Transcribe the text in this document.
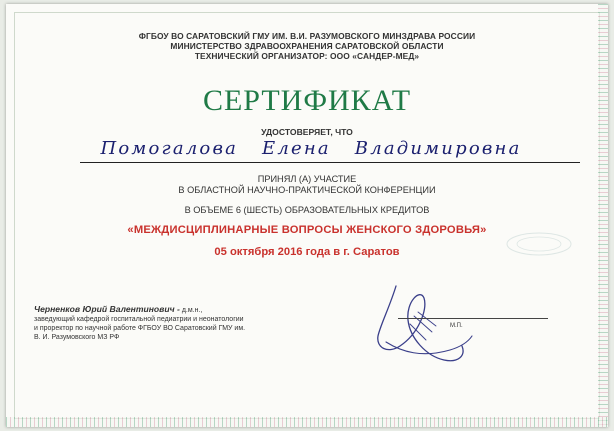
ФГБОУ ВО САРАТОВСКИЙ ГМУ ИМ. В.И. РАЗУМОВСКОГО МИНЗДРАВА РОССИИ
МИНИСТЕРСТВО ЗДРАВООХРАНЕНИЯ САРАТОВСКОЙ ОБЛАСТИ
ТЕХНИЧЕСКИЙ ОРГАНИЗАТОР: ООО «САНДЕР-МЕД»
СЕРТИФИКАТ
УДОСТОВЕРЯЕТ, ЧТО
Помогалова Елена Владимировна
ПРИНЯЛ (А) УЧАСТИЕ
В ОБЛАСТНОЙ НАУЧНО-ПРАКТИЧЕСКОЙ КОНФЕРЕНЦИИ
В ОБЪЕМЕ 6 (ШЕСТЬ) ОБРАЗОВАТЕЛЬНЫХ КРЕДИТОВ
«МЕЖДИСЦИПЛИНАРНЫЕ ВОПРОСЫ ЖЕНСКОГО ЗДОРОВЬЯ»
05 октября 2016 года в г. Саратов
Черненков Юрий Валентинович - д.м.н.,
заведующий кафедрой госпитальной педиатрии и неонатологии
и проректор по научной работе ФГБОУ ВО Саратовский ГМУ им.
В. И. Разумовского МЗ РФ
М.П.
